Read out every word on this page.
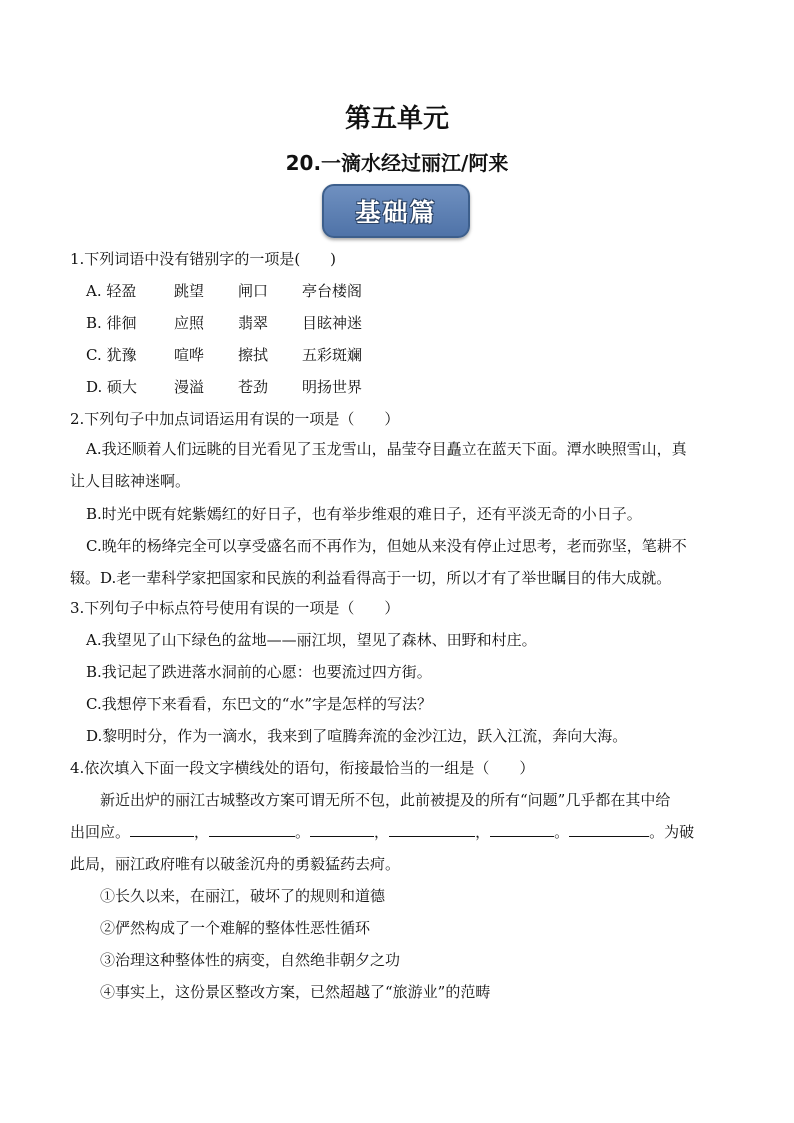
第五单元
20.一滴水经过丽江/阿来
基础篇
1.下列词语中没有错别字的一项是(　　)
A. 轻盈	跳望 闸口 亭台楼阁
B. 徘徊 应照 翡翠 目眩神迷
C. 犹豫	喧哗 擦拭 五彩斑斓
D. 硕大 漫溢 苍劲 明扬世界
2.下列句子中加点词语运用有误的一项是（　　）
A.我还顺着人们远眺的目光看见了玉龙雪山，晶莹夺目矗立在蓝天下面。潭水映照雪山，真
让人目眩神迷啊。
B.时光中既有姹紫嫣红的好日子，也有举步维艰的难日子，还有平淡无奇的小日子。
C.晚年的杨绛完全可以享受盛名而不再作为，但她从来没有停止过思考，老而弥坚，笔耕不
辍。D.老一辈科学家把国家和民族的利益看得高于一切，所以才有了举世瞩目的伟大成就。
3.下列句子中标点符号使用有误的一项是（　　）
A.我望见了山下绿色的盆地——丽江坝，望见了森林、田野和村庄。
B.我记起了跌进落水洞前的心愿：也要流过四方街。
C.我想停下来看看，东巴文的“水”字是怎样的写法？
D.黎明时分，作为一滴水，我来到了喧腾奔流的金沙江边，跃入江流，奔向大海。
4.依次填入下面一段文字横线处的语句，衔接最恰当的一组是（　　）
新近出炉的丽江古城整改方案可谓无所不包，此前被提及的所有“问题”几乎都在其中给
出回应。	，	。	，	，	。	。为破
此局，丽江政府唯有以破釜沉舟的勇毅猛药去疴。
①长久以来，在丽江，破坏了的规则和道德
②俨然构成了一个难解的整体性恶性循环
③治理这种整体性的病变，自然绝非朝夕之功
④事实上，这份景区整改方案，已然超越了“旅游业”的范畴
